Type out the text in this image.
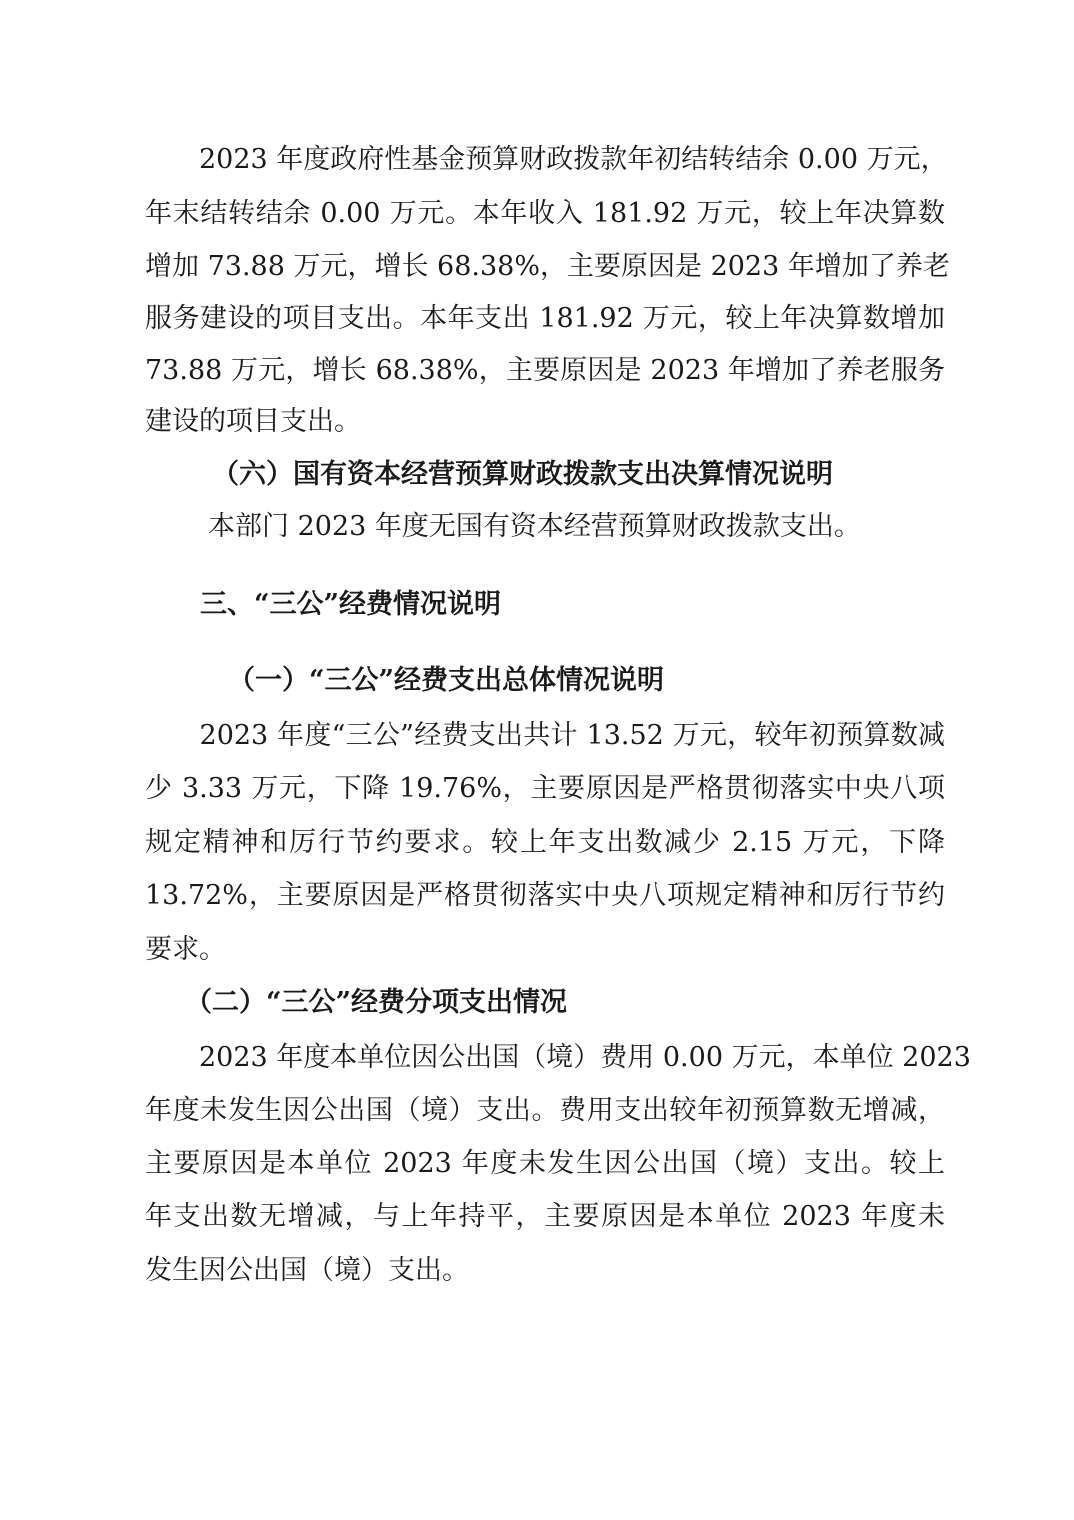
　　2023 年度政府性基金预算财政拨款年初结转结余 0.00 万元，

年末结转结余 0.00 万元。本年收入 181.92 万元，较上年决算数

增加 73.88 万元，增长 68.38%，主要原因是 2023 年增加了养老

服务建设的项目支出。本年支出 181.92 万元，较上年决算数增加

73.88 万元，增长 68.38%，主要原因是 2023 年增加了养老服务

建设的项目支出。

（六）国有资本经营预算财政拨款支出决算情况说明

本部门 2023 年度无国有资本经营预算财政拨款支出。

三、“三公”经费情况说明

（一）“三公”经费支出总体情况说明

　　2023 年度“三公”经费支出共计 13.52 万元，较年初预算数减

少 3.33 万元，下降 19.76%，主要原因是严格贯彻落实中央八项

规定精神和厉行节约要求。较上年支出数减少 2.15 万元，下降

13.72%，主要原因是严格贯彻落实中央八项规定精神和厉行节约

要求。

（二）“三公”经费分项支出情况

　　2023 年度本单位因公出国（境）费用 0.00 万元，本单位 2023

年度未发生因公出国（境）支出。费用支出较年初预算数无增减，

主要原因是本单位 2023 年度未发生因公出国（境）支出。较上

年支出数无增减，与上年持平，主要原因是本单位 2023 年度未

发生因公出国（境）支出。
